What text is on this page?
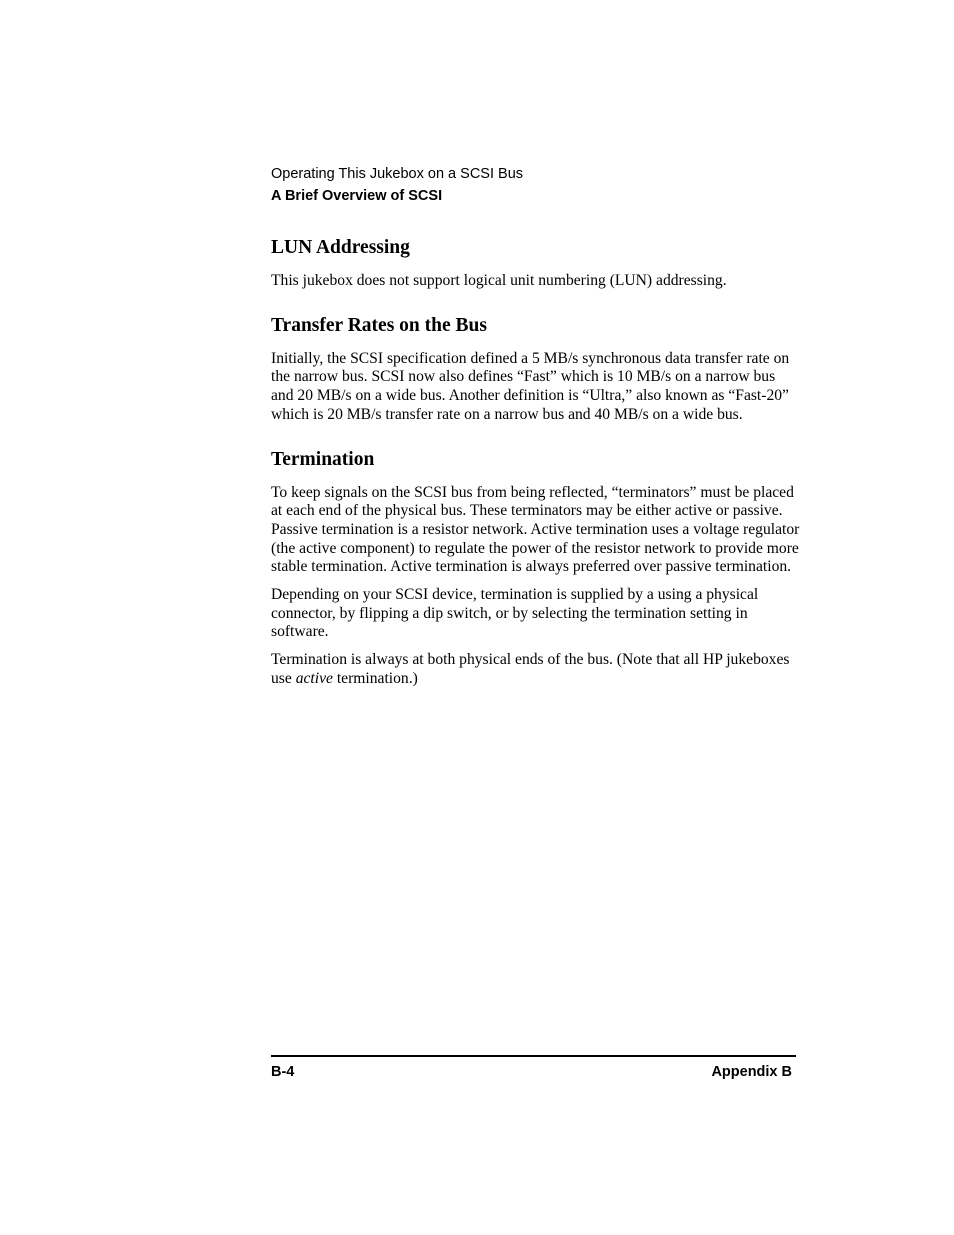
Operating This Jukebox on a SCSI Bus
A Brief Overview of SCSI
LUN Addressing

This jukebox does not support logical unit numbering (LUN) addressing.

Transfer Rates on the Bus

Initially, the SCSI specification defined a 5 MB/s synchronous data transfer rate on the narrow bus. SCSI now also defines “Fast” which is 10 MB/s on a narrow bus and 20 MB/s on a wide bus. Another definition is “Ultra,” also known as “Fast-20” which is 20 MB/s transfer rate on a narrow bus and 40 MB/s on a wide bus.

Termination

To keep signals on the SCSI bus from being reflected, “terminators” must be placed at each end of the physical bus. These terminators may be either active or passive. Passive termination is a resistor network. Active termination uses a voltage regulator (the active component) to regulate the power of the resistor network to provide more stable termination. Active termination is always preferred over passive termination.

Depending on your SCSI device, termination is supplied by a using a physical connector, by flipping a dip switch, or by selecting the termination setting in software.

Termination is always at both physical ends of the bus. (Note that all HP jukeboxes use active termination.)

B-4	Appendix B
